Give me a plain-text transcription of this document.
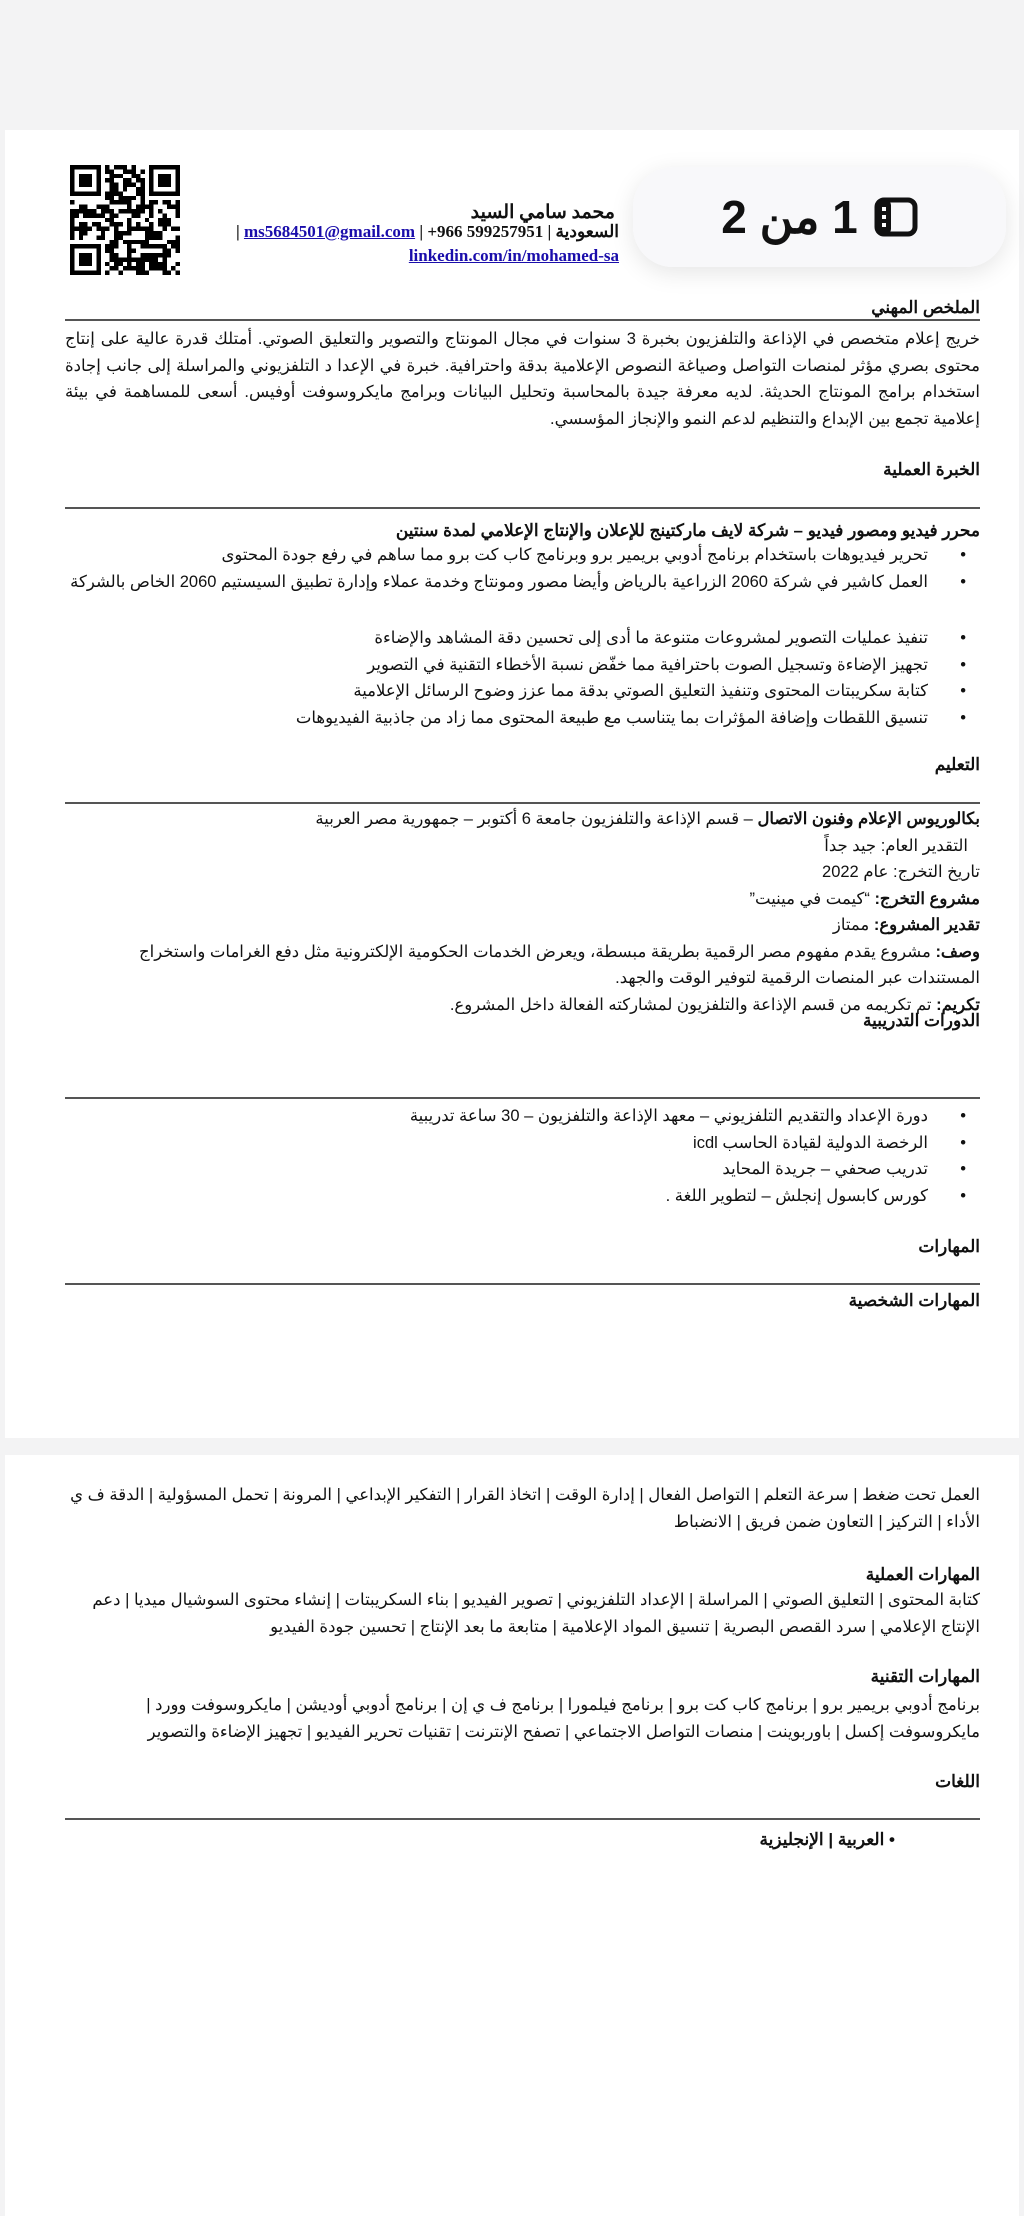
محمد سامي السيد
| ms5684501@gmail.com | +966 599257951 | السعودية
linkedin.com/in/mohamed-sa
1 من 2
الملخص المهني
خريج إعلام متخصص في الإذاعة والتلفزيون بخبرة 3 سنوات في مجال المونتاج والتصوير والتعليق الصوتي. أمتلك قدرة عالية على إنتاج محتوى بصري مؤثر لمنصات التواصل وصياغة النصوص الإعلامية بدقة واحترافية. خبرة في الإعدا د التلفزيوني والمراسلة إلى جانب إجادة استخدام برامج المونتاج الحديثة. لديه معرفة جيدة بالمحاسبة وتحليل البيانات وبرامج مايكروسوفت أوفيس. أسعى للمساهمة في بيئة إعلامية تجمع بين الإبداع والتنظيم لدعم النمو والإنجاز المؤسسي.
الخبرة العملية
محرر فيديو ومصور فيديو – شركة لايف ماركتينج للإعلان والإنتاج الإعلامي لمدة سنتين
• تحرير فيديوهات باستخدام برنامج أدوبي بريمير برو وبرنامج كاب كت برو مما ساهم في رفع جودة المحتوى
• العمل كاشير في شركة 2060 الزراعية بالرياض وأيضا مصور ومونتاج وخدمة عملاء وإدارة تطبيق السيستيم 2060 الخاص بالشركة
• تنفيذ عمليات التصوير لمشروعات متنوعة ما أدى إلى تحسين دقة المشاهد والإضاءة
• تجهيز الإضاءة وتسجيل الصوت باحترافية مما خفّض نسبة الأخطاء التقنية في التصوير
• كتابة سكريبتات المحتوى وتنفيذ التعليق الصوتي بدقة مما عزز وضوح الرسائل الإعلامية
• تنسيق اللقطات وإضافة المؤثرات بما يتناسب مع طبيعة المحتوى مما زاد من جاذبية الفيديوهات
التعليم
بكالوريوس الإعلام وفنون الاتصال – قسم الإذاعة والتلفزيون جامعة 6 أكتوبر – جمهورية مصر العربية
التقدير العام: جيد جداً
تاريخ التخرج: عام 2022
مشروع التخرج: “كيمت في مينيت”
تقدير المشروع: ممتاز
وصف: مشروع يقدم مفهوم مصر الرقمية بطريقة مبسطة، ويعرض الخدمات الحكومية الإلكترونية مثل دفع الغرامات واستخراج المستندات عبر المنصات الرقمية لتوفير الوقت والجهد.
تكريم: تم تكريمه من قسم الإذاعة والتلفزيون لمشاركته الفعالة داخل المشروع.
الدورات التدريبية
• دورة الإعداد والتقديم التلفزيوني – معهد الإذاعة والتلفزيون – 30 ساعة تدريبية
• الرخصة الدولية لقيادة الحاسب icdl
• تدريب صحفي – جريدة المحايد
• كورس كابسول إنجلش – لتطوير اللغة .
المهارات
المهارات الشخصية
العمل تحت ضغط | سرعة التعلم | التواصل الفعال | إدارة الوقت | اتخاذ القرار | التفكير الإبداعي | المرونة | تحمل المسؤولية | الدقة ف ي الأداء | التركيز | التعاون ضمن فريق | الانضباط
المهارات العملية
كتابة المحتوى | التعليق الصوتي | المراسلة | الإعداد التلفزيوني | تصوير الفيديو | بناء السكريبتات | إنشاء محتوى السوشيال ميديا | دعم الإنتاج الإعلامي | سرد القصص البصرية | تنسيق المواد الإعلامية | متابعة ما بعد الإنتاج | تحسين جودة الفيديو
المهارات التقنية
برنامج أدوبي بريمير برو | برنامج كاب كت برو | برنامج فيلمورا | برنامج ف ي إن | برنامج أدوبي أوديشن | مايكروسوفت وورد | مايكروسوفت إكسل | باوربوينت | منصات التواصل الاجتماعي | تصفح الإنترنت | تقنيات تحرير الفيديو | تجهيز الإضاءة والتصوير
اللغات
• العربية | الإنجليزية
